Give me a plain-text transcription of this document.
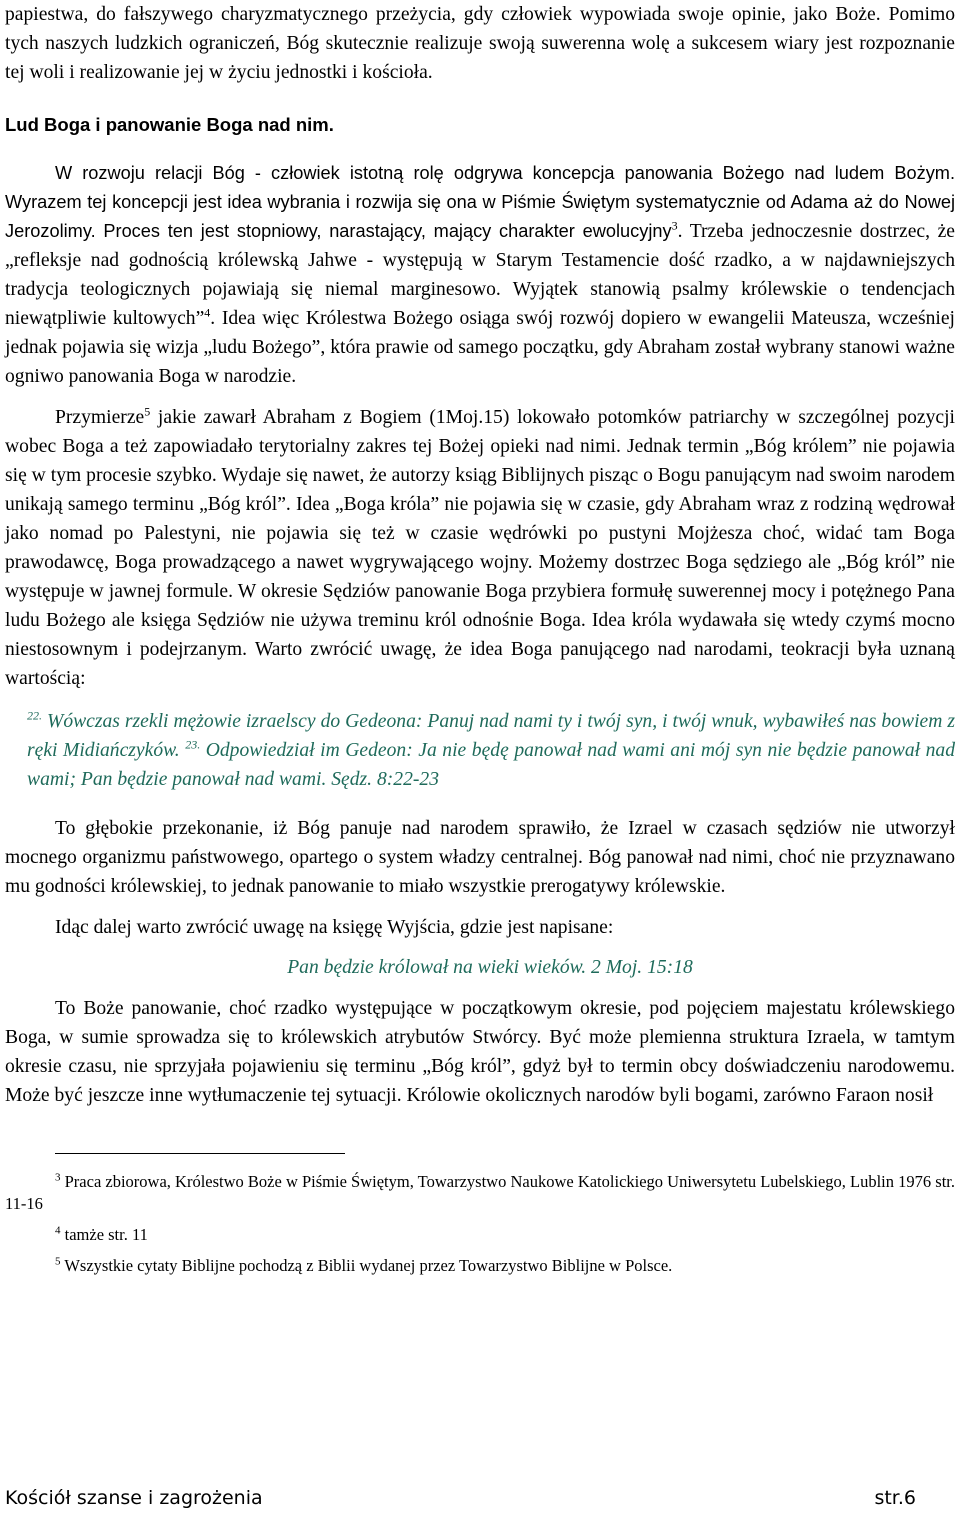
papiestwa, do fałszywego charyzmatycznego przeżycia, gdy człowiek wypowiada swoje opinie, jako Boże. Pomimo tych naszych ludzkich ograniczeń, Bóg skutecznie realizuje swoją suwerenna wolę a sukcesem wiary jest rozpoznanie tej woli i realizowanie jej w życiu jednostki i kościoła.

Lud Boga i panowanie Boga nad nim.

W rozwoju relacji Bóg - człowiek istotną rolę odgrywa koncepcja panowania Bożego nad ludem Bożym. Wyrazem tej koncepcji jest idea wybrania i rozwija się ona w Piśmie Świętym systematycznie od Adama aż do Nowej Jerozolimy. Proces ten jest stopniowy, narastający, mający charakter ewolucyjny$^3$. Trzeba jednoczesnie dostrzec, że „refleksje nad godnością królewską Jahwe - występują w Starym Testamencie dość rzadko, a w najdawniejszych tradycja teologicznych pojawiają się niemal marginesowo. Wyjątek stanowią psalmy królewskie o tendencjach niewątpliwie kultowych”$^4$. Idea więc Królestwa Bożego osiąga swój rozwój dopiero w ewangelii Mateusza, wcześniej jednak pojawia się wizja „ludu Bożego”, która prawie od samego początku, gdy Abraham został wybrany stanowi ważne ogniwo panowania Boga w narodzie.

Przymierze$^5$ jakie zawarł Abraham z Bogiem (1Moj.15) lokowało potomków patriarchy w szczególnej pozycji wobec Boga a też zapowiadało terytorialny zakres tej Bożej opieki nad nimi. Jednak termin „Bóg królem” nie pojawia się w tym procesie szybko. Wydaje się nawet, że autorzy ksiąg Biblijnych pisząc o Bogu panującym nad swoim narodem unikają samego terminu „Bóg król”. Idea „Boga króla” nie pojawia się w czasie, gdy Abraham wraz z rodziną wędrował jako nomad po Palestyni, nie pojawia się też w czasie wędrówki po pustyni Mojżesza choć, widać tam Boga prawodawcę, Boga prowadzącego a nawet wygrywającego wojny. Możemy dostrzec Boga sędziego ale „Bóg król” nie występuje w jawnej formule. W okresie Sędziów panowanie Boga przybiera formułę suwerennej mocy i potężnego Pana ludu Bożego ale księga Sędziów nie używa treminu król odnośnie Boga. Idea króla wydawała się wtedy czymś mocno niestosownym i podejrzanym. Warto zwrócić uwagę, że idea Boga panującego nad narodami, teokracji była uznaną wartością:

$^{22.}$ Wówczas rzekli mężowie izraelscy do Gedeona: Panuj nad nami ty i twój syn, i twój wnuk, wybawiłeś nas bowiem z ręki Midiańczyków. $^{23.}$ Odpowiedział im Gedeon: Ja nie będę panował nad wami ani mój syn nie będzie panował nad wami; Pan będzie panował nad wami. Sędz. 8:22-23

To głębokie przekonanie, iż Bóg panuje nad narodem sprawiło, że Izrael w czasach sędziów nie utworzył mocnego organizmu państwowego, opartego o system władzy centralnej. Bóg panował nad nimi, choć nie przyznawano mu godności królewskiej, to jednak panowanie to miało wszystkie prerogatywy królewskie.

Idąc dalej warto zwrócić uwagę na księgę Wyjścia, gdzie jest napisane:

Pan będzie królował na wieki wieków. 2 Moj. 15:18

To Boże panowanie, choć rzadko występujące w początkowym okresie, pod pojęciem majestatu królewskiego Boga, w sumie sprowadza się to królewskich atrybutów Stwórcy. Być może plemienna struktura Izraela, w tamtym okresie czasu, nie sprzyjała pojawieniu się terminu „Bóg król”, gdyż był to termin obcy doświadczeniu narodowemu. Może być jeszcze inne wytłumaczenie tej sytuacji. Królowie okolicznych narodów byli bogami, zarówno Faraon nosił

$^3$ Praca zbiorowa, Królestwo Boże w Piśmie Świętym, Towarzystwo Naukowe Katolickiego Uniwersytetu Lubelskiego, Lublin 1976 str. 11-16

$^4$ tamże str. 11

$^5$ Wszystkie cytaty Biblijne pochodzą z Biblii wydanej przez Towarzystwo Biblijne w Polsce.

Kościół szanse i zagrożenia	str.6
